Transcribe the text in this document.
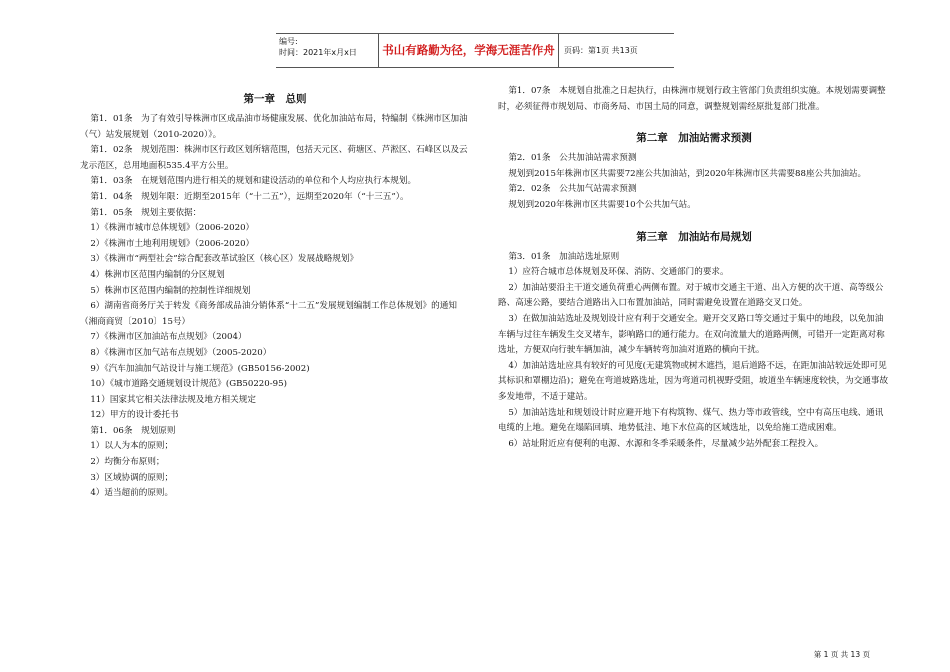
编号:
时间：2021年x月x日	书山有路勤为径，学海无涯苦作舟	页码：第1页 共13页
第一章　总则

第1．01条　为了有效引导株洲市区成品油市场健康发展、优化加油站布局，特编制《株洲市区加油（气）站发展规划（2010-2020）》。

第1．02条　规划范围：株洲市区行政区划所辖范围，包括天元区、荷塘区、芦淞区、石峰区以及云龙示范区，总用地面积535.4平方公里。

第1．03条　在规划范围内进行相关的规划和建设活动的单位和个人均应执行本规划。

第1．04条　规划年限：近期至2015年（“十二五”），远期至2020年（“十三五”）。

第1．05条　规划主要依据：

1）《株洲市城市总体规划》（2006-2020）

2）《株洲市土地利用规划》（2006-2020）

3）《株洲市“两型社会”综合配套改革试验区（核心区）发展战略规划》

4）株洲市区范围内编制的分区规划

5）株洲市区范围内编制的控制性详细规划

6）湖南省商务厅关于转发《商务部成品油分销体系“十二五”发展规划编制工作总体规划》的通知（湘商商贸〔2010〕15号）

7）《株洲市区加油站布点规划》（2004）

8）《株洲市区加气站布点规划》（2005-2020）

9）《汽车加油加气站设计与施工规范》(GB50156-2002)

10）《城市道路交通规划设计规范》(GB50220-95)

11）国家其它相关法律法规及地方相关规定

12）甲方的设计委托书

第1．06条　规划原则

1）以人为本的原则；

2）均衡分布原则；

3）区域协调的原则；

4）适当超前的原则。

第1．07条　本规划自批准之日起执行，由株洲市规划行政主管部门负责组织实施。本规划需要调整时，必须征得市规划局、市商务局、市国土局的同意，调整规划需经原批复部门批准。

第二章　加油站需求预测

第2．01条　公共加油站需求预测

规划到2015年株洲市区共需要72座公共加油站，到2020年株洲市区共需要88座公共加油站。

第2．02条　公共加气站需求预测

规划到2020年株洲市区共需要10个公共加气站。

第三章　加油站布局规划

第3．01条　加油站选址原则

1）应符合城市总体规划及环保、消防、交通部门的要求。

2）加油站要沿主干道交通负荷重心两侧布置。对于城市交通主干道、出入方便的次干道、高等级公路、高速公路，要结合道路出入口布置加油站，同时需避免设置在道路交叉口处。

3）在做加油站选址及规划设计应有利于交通安全。避开交叉路口等交通过于集中的地段，以免加油车辆与过往车辆发生交叉堵车，影响路口的通行能力。在双向流量大的道路两侧，可错开一定距离对称选址，方便双向行驶车辆加油，减少车辆转弯加油对道路的横向干扰。

4）加油站选址应具有较好的可见度(无建筑物或树木遮挡，退后道路不远，在距加油站较远处即可见其标识和罩棚边沿)；避免在弯道坡路选址，因为弯道司机视野受阻，坡道坐车辆速度较快，为交通事故多发地带，不适于建站。

5）加油站选址和规划设计时应避开地下有构筑物、煤气、热力等市政管线，空中有高压电线、通讯电缆的上地。避免在塌陷回填、地势低洼、地下水位高的区域选址，以免给施工造成困难。

6）站址附近应有便利的电源、水源和冬季采暖条件，尽量减少站外配套工程投入。

第 1 页 共 13 页
